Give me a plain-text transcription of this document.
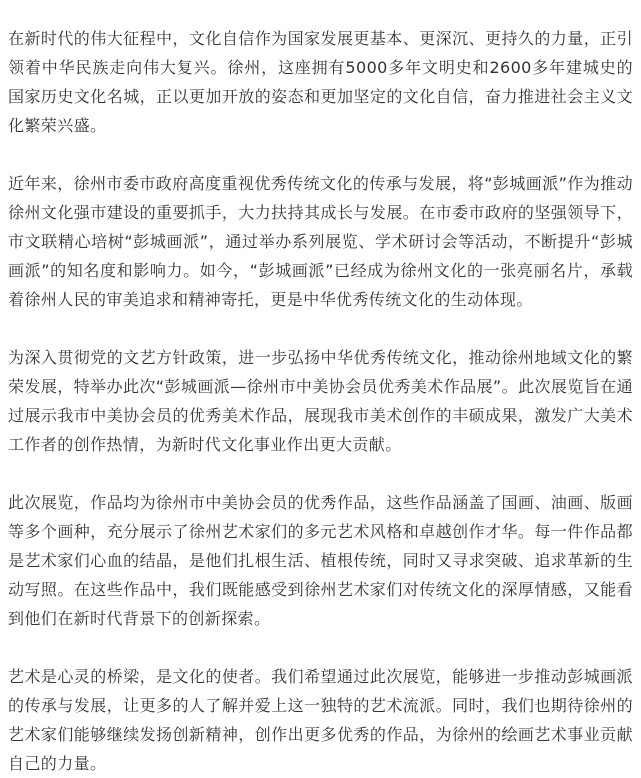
在新时代的伟大征程中，文化自信作为国家发展更基本、更深沉、更持久的力量，正引领着中华民族走向伟大复兴。徐州，这座拥有5000多年文明史和2600多年建城史的国家历史文化名城，正以更加开放的姿态和更加坚定的文化自信，奋力推进社会主义文化繁荣兴盛。

近年来，徐州市委市政府高度重视优秀传统文化的传承与发展，将“彭城画派”作为推动徐州文化强市建设的重要抓手，大力扶持其成长与发展。在市委市政府的坚强领导下，市文联精心培树“彭城画派”，通过举办系列展览、学术研讨会等活动，不断提升“彭城画派”的知名度和影响力。如今，“彭城画派”已经成为徐州文化的一张亮丽名片，承载着徐州人民的审美追求和精神寄托，更是中华优秀传统文化的生动体现。

为深入贯彻党的文艺方针政策，进一步弘扬中华优秀传统文化，推动徐州地域文化的繁荣发展，特举办此次“彭城画派—徐州市中美协会员优秀美术作品展”。此次展览旨在通过展示我市中美协会员的优秀美术作品，展现我市美术创作的丰硕成果，激发广大美术工作者的创作热情，为新时代文化事业作出更大贡献。

此次展览，作品均为徐州市中美协会员的优秀作品，这些作品涵盖了国画、油画、版画等多个画种，充分展示了徐州艺术家们的多元艺术风格和卓越创作才华。每一件作品都是艺术家们心血的结晶，是他们扎根生活、植根传统，同时又寻求突破、追求革新的生动写照。在这些作品中，我们既能感受到徐州艺术家们对传统文化的深厚情感，又能看到他们在新时代背景下的创新探索。

艺术是心灵的桥梁，是文化的使者。我们希望通过此次展览，能够进一步推动彭城画派的传承与发展，让更多的人了解并爱上这一独特的艺术流派。同时，我们也期待徐州的艺术家们能够继续发扬创新精神，创作出更多优秀的作品，为徐州的绘画艺术事业贡献自己的力量。
